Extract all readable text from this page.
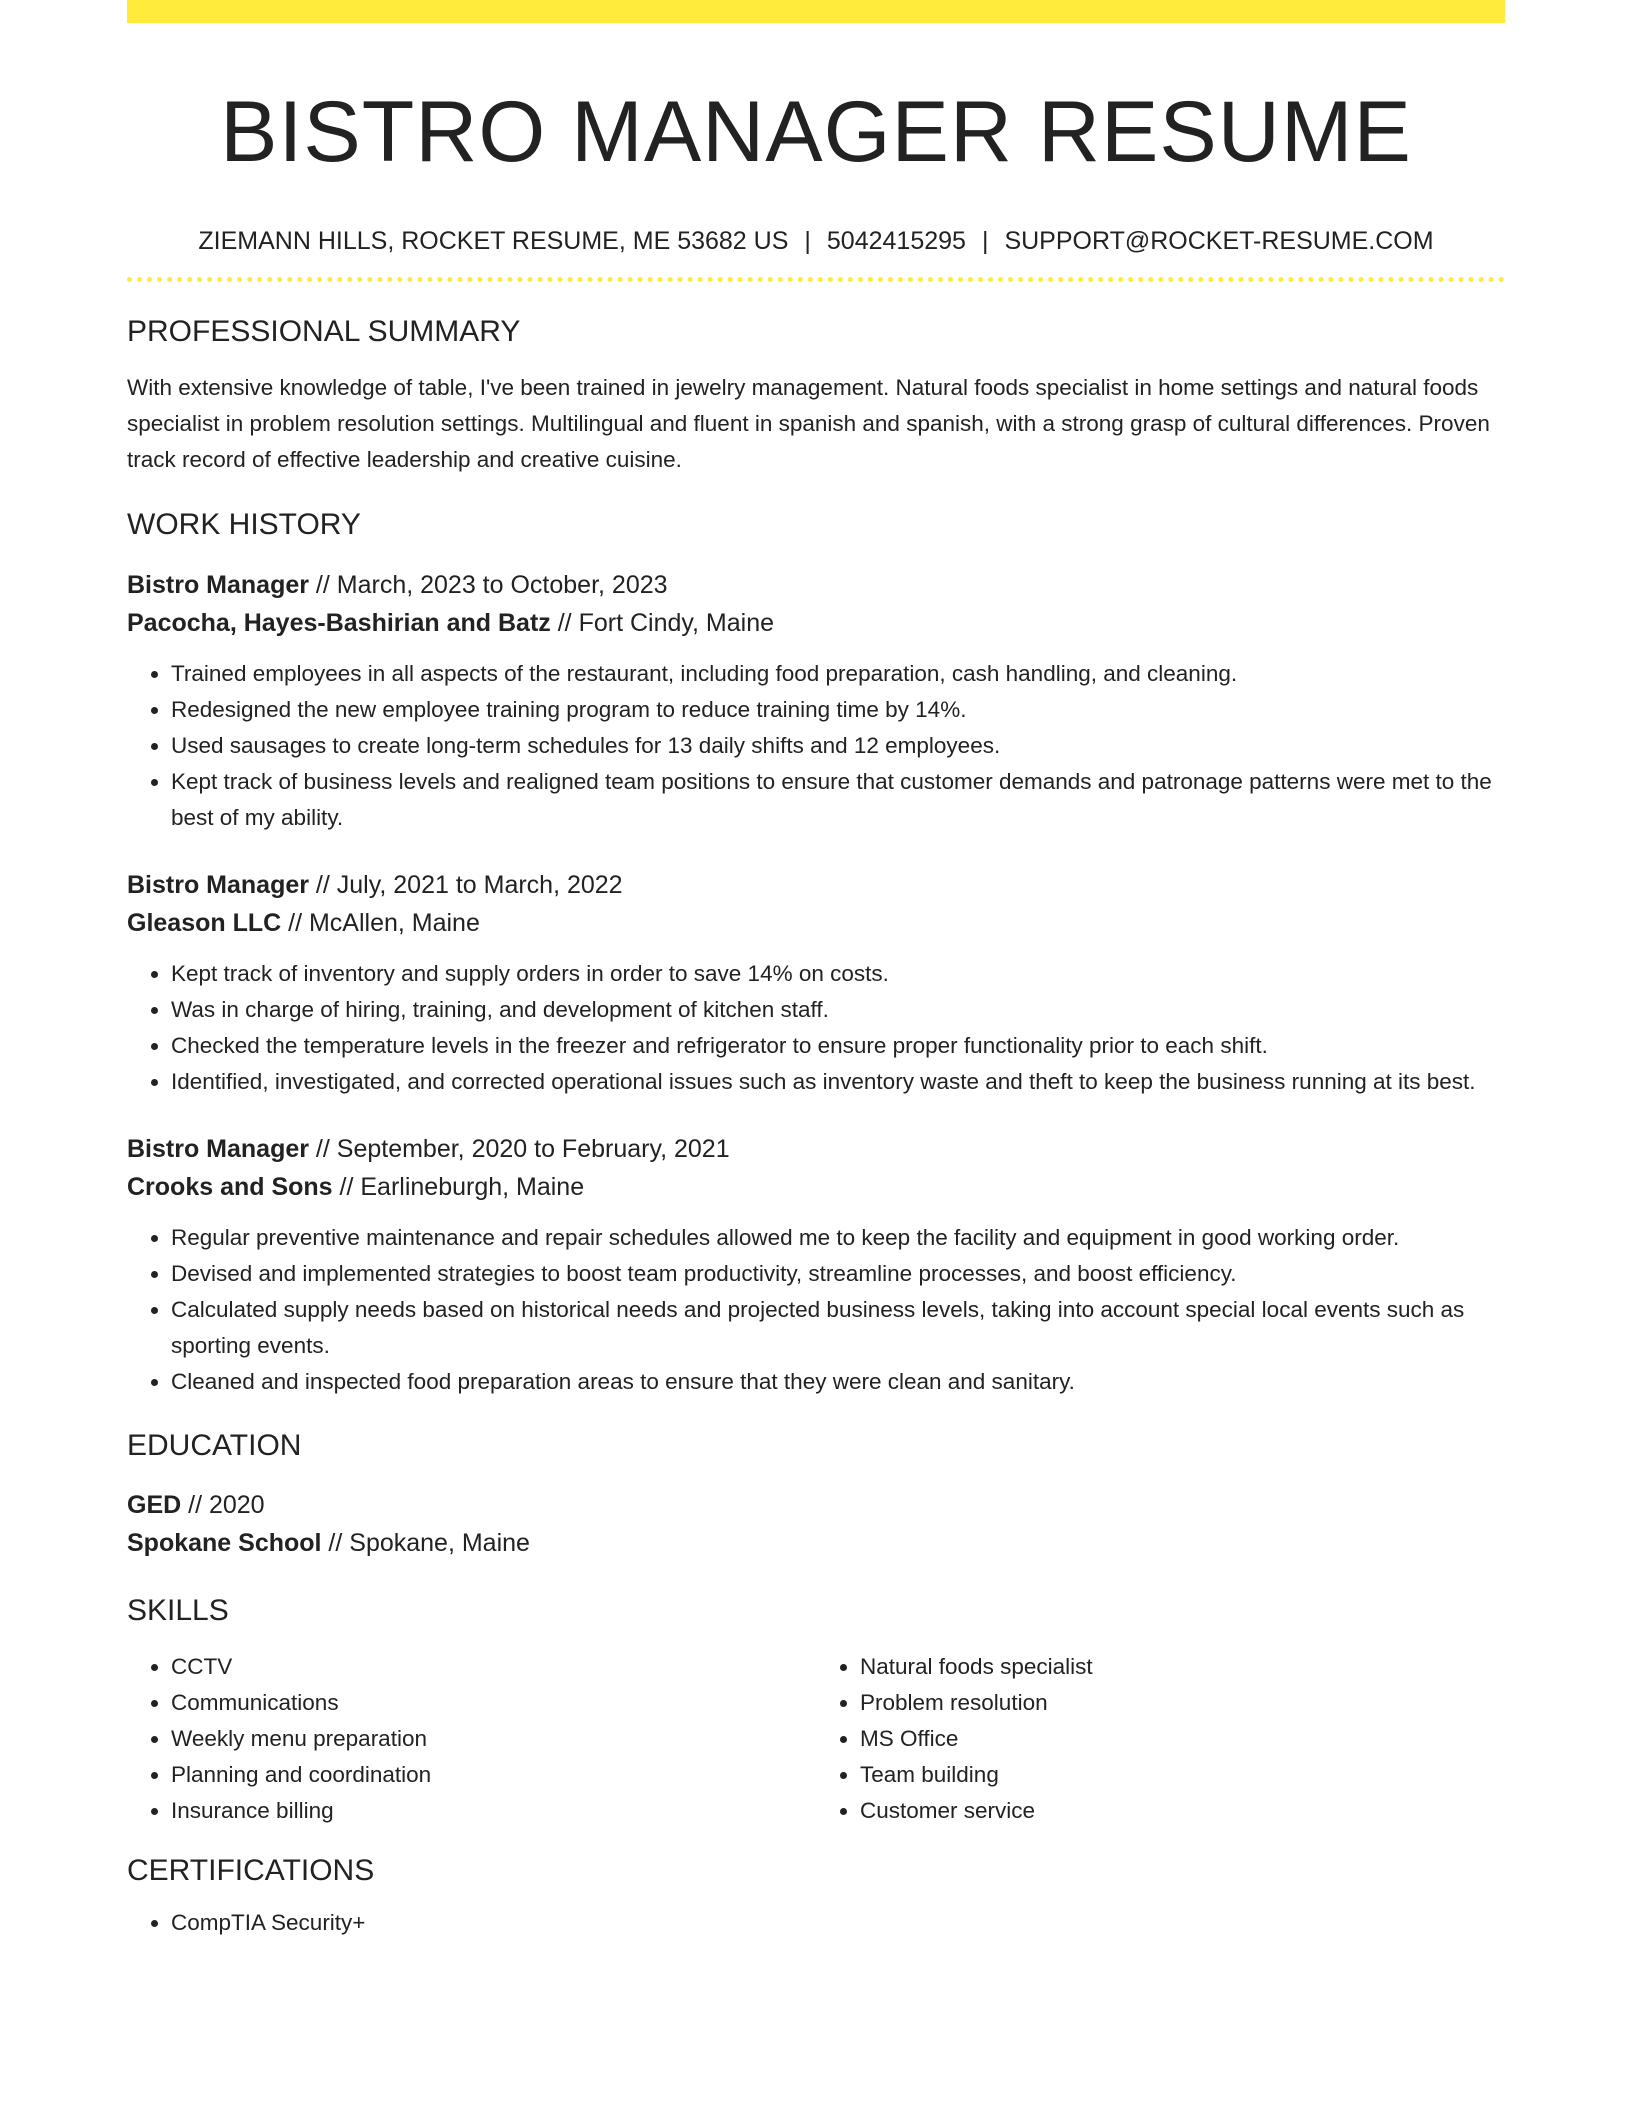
BISTRO MANAGER RESUME
ZIEMANN HILLS, ROCKET RESUME, ME 53682 US | 5042415295 | SUPPORT@ROCKET-RESUME.COM
PROFESSIONAL SUMMARY
With extensive knowledge of table, I've been trained in jewelry management. Natural foods specialist in home settings and natural foods specialist in problem resolution settings. Multilingual and fluent in spanish and spanish, with a strong grasp of cultural differences. Proven track record of effective leadership and creative cuisine.
WORK HISTORY
Bistro Manager // March, 2023 to October, 2023
Pacocha, Hayes-Bashirian and Batz // Fort Cindy, Maine
• Trained employees in all aspects of the restaurant, including food preparation, cash handling, and cleaning.
• Redesigned the new employee training program to reduce training time by 14%.
• Used sausages to create long-term schedules for 13 daily shifts and 12 employees.
• Kept track of business levels and realigned team positions to ensure that customer demands and patronage patterns were met to the best of my ability.
Bistro Manager // July, 2021 to March, 2022
Gleason LLC // McAllen, Maine
• Kept track of inventory and supply orders in order to save 14% on costs.
• Was in charge of hiring, training, and development of kitchen staff.
• Checked the temperature levels in the freezer and refrigerator to ensure proper functionality prior to each shift.
• Identified, investigated, and corrected operational issues such as inventory waste and theft to keep the business running at its best.
Bistro Manager // September, 2020 to February, 2021
Crooks and Sons // Earlineburgh, Maine
• Regular preventive maintenance and repair schedules allowed me to keep the facility and equipment in good working order.
• Devised and implemented strategies to boost team productivity, streamline processes, and boost efficiency.
• Calculated supply needs based on historical needs and projected business levels, taking into account special local events such as sporting events.
• Cleaned and inspected food preparation areas to ensure that they were clean and sanitary.
EDUCATION
GED // 2020
Spokane School // Spokane, Maine
SKILLS
• CCTV
• Communications
• Weekly menu preparation
• Planning and coordination
• Insurance billing
• Natural foods specialist
• Problem resolution
• MS Office
• Team building
• Customer service
CERTIFICATIONS
• CompTIA Security+
